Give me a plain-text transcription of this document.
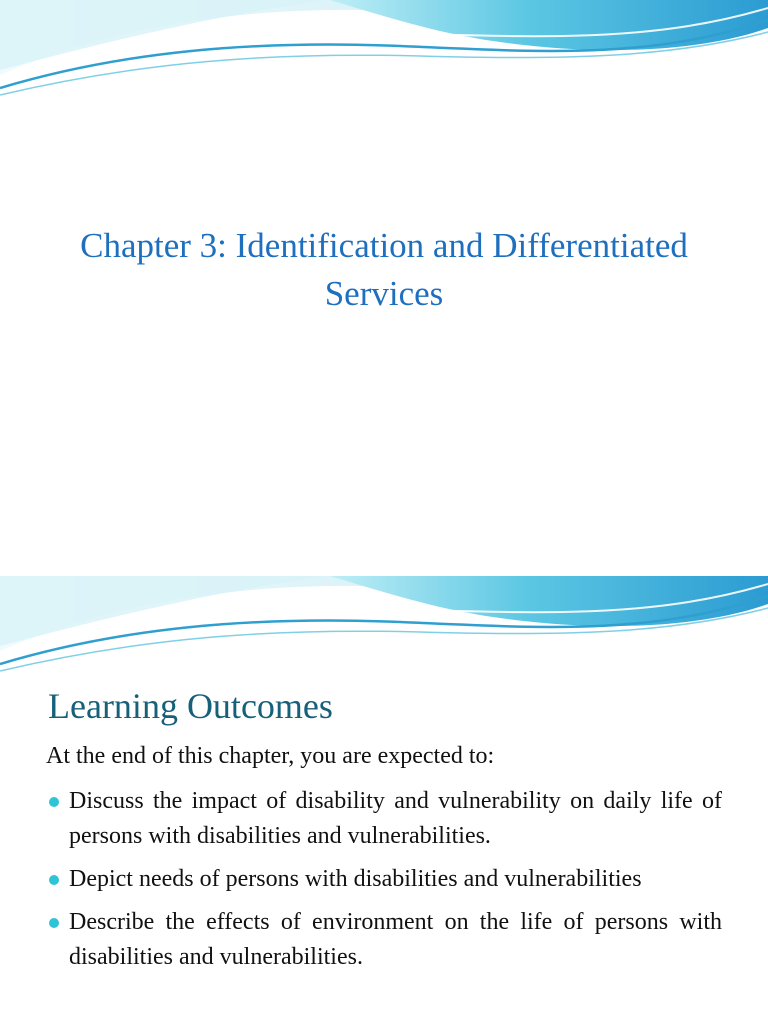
Chapter 3: Identification and Differentiated Services
Learning Outcomes
At the end of this chapter, you are expected to:
Discuss the impact of disability and vulnerability on daily life of persons with disabilities and vulnerabilities.
Depict needs of persons with disabilities and vulnerabilities
Describe the effects of environment on the life of persons with disabilities and vulnerabilities.
